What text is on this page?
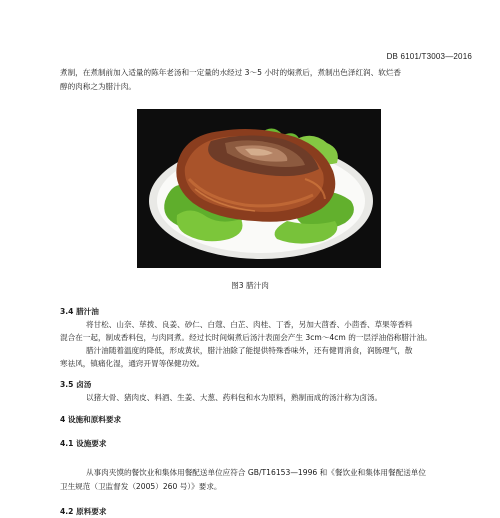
DB 6101/T3003—2016
煮制，在煮制前加入适量的陈年老汤和一定量的水经过 3～5 小时的焖煮后，煮制出色泽红润、软烂香
醇的肉称之为腊汁肉。
图3 腊汁肉
3.4 腊汁油
将甘松、山奈、荜拨、良姜、砂仁、白蔻、白芷、肉桂、丁香，另加大茴香、小茴香、草果等香料
混合在一起，制成香料包，与肉同煮。经过长时间焖煮后汤汁表面会产生 3cm～4cm 的一层浮油俗称腊汁油。
腊汁油随着温度的降低，形成黄状，腊汁油除了能提供特殊香味外，还有健胃消食，润肠理气，散
寒祛风，镇痛化湿，通窍开胃等保健功效。
3.5 卤汤
以猪大骨、猪肉皮、料酒、生姜、大葱、药料包和水为原料，熟制而成的汤汁称为卤汤。
4 设施和原料要求
4.1 设施要求
从事肉夹馍的餐饮业和集体用餐配送单位应符合 GB/T16153—1996 和《餐饮业和集体用餐配送单位
卫生规范（卫监督发（2005）260 号）》要求。
4.2 原料要求
